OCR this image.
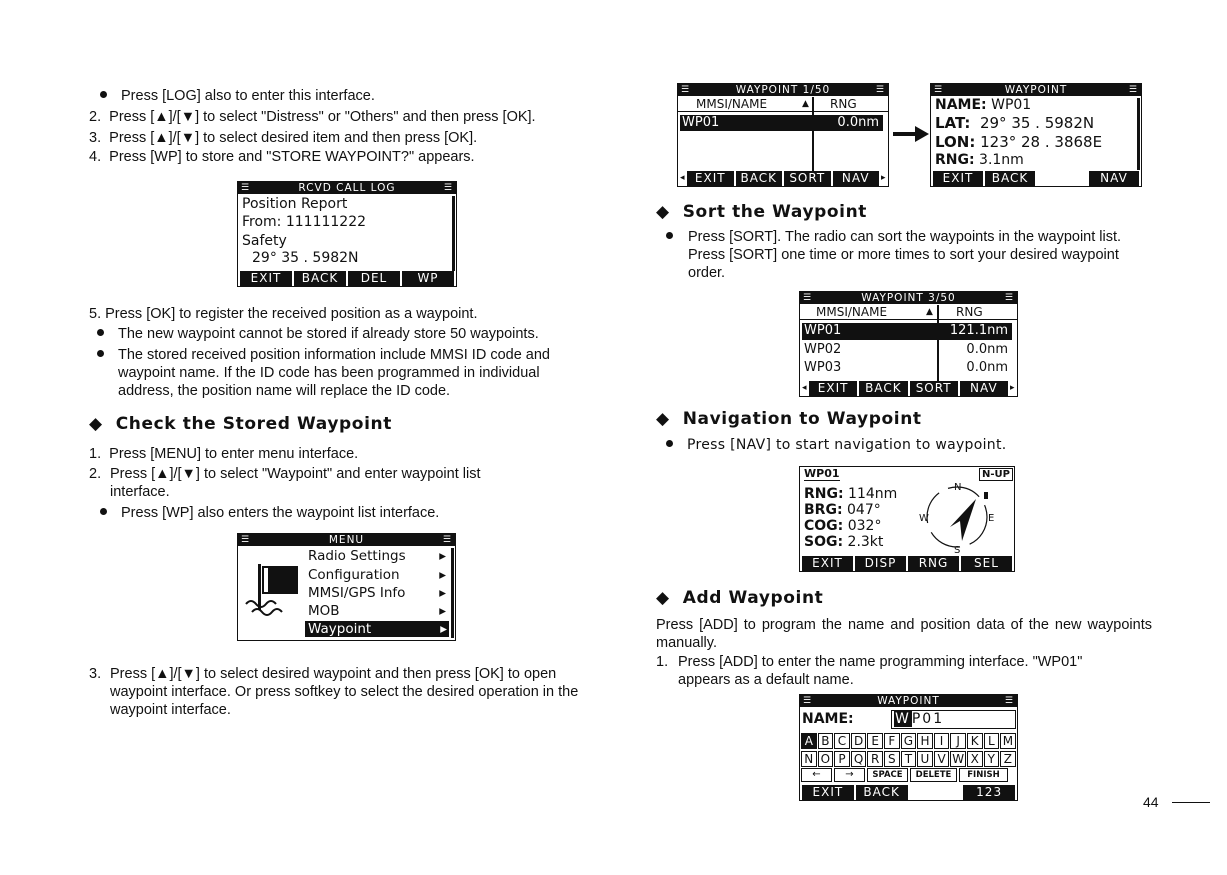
Press [LOG] also to enter this interface.
2. Press [▲]/[▼] to select "Distress" or "Others" and then press [OK].
3. Press [▲]/[▼] to select desired item and then press [OK].
4. Press [WP] to store and "STORE WAYPOINT?" appears.
☰	RCVD CALL LOG	☰
Position Report
From: 111111222
Safety
29° 35 . 5982N
EXIT	BACK	DEL	WP
5. Press [OK] to register the received position as a waypoint.
The new waypoint cannot be stored if already store 50 waypoints.
The stored received position information include MMSI ID code and waypoint name. If the ID code has been programmed in individual address, the position name will replace the ID code.
◆  Check the Stored Waypoint
1. Press [MENU] to enter menu interface.
2. Press [▲]/[▼] to select "Waypoint" and enter waypoint list interface.
Press [WP] also enters the waypoint list interface.
☰	MENU	☰
Radio Settings ▸
Configuration	▸
MMSI/GPS Info	▸
MOB	▸
Waypoint	▸
3. Press [▲]/[▼] to select desired waypoint and then press [OK] to open waypoint interface. Or press softkey to select the desired operation in the waypoint interface.
☰	WAYPOINT 1/50	☰
MMSI/NAME	▲ RNG
WP01	0.0nm
◂ EXIT	BACK	SORT	NAV	▸
☰	WAYPOINT	☰
NAME: WP01
LAT: 29° 35 . 5982N
LON: 123° 28 . 3868E
RNG: 3.1nm
EXIT	BACK	NAV
◆  Sort the Waypoint
Press [SORT]. The radio can sort the waypoints in the waypoint list. Press [SORT] one time or more times to sort your desired waypoint order.
☰	WAYPOINT 3/50	☰
MMSI/NAME	▲ RNG
WP01	121.1nm
WP02	0.0nm
WP03	0.0nm
◂ EXIT	BACK	SORT	NAV	▸
◆  Navigation to Waypoint
Press [NAV] to start navigation to waypoint.
WP01	N-UP
RNG: 114nm
BRG: 047°
COG: 032°
SOG: 2.3kt
N
E
S
W
EXIT	DISP	RNG	SEL
◆  Add Waypoint
Press [ADD] to program the name and position data of the new waypoints manually.
1. Press [ADD] to enter the name programming interface. "WP01" appears as a default name.
☰	WAYPOINT	☰
NAME:	WP01
A B C D E F G H I	J K L M
N O P Q R S T U V W X Y Z
←	→	SPACE	DELETE	FINISH
EXIT	BACK	123
44
